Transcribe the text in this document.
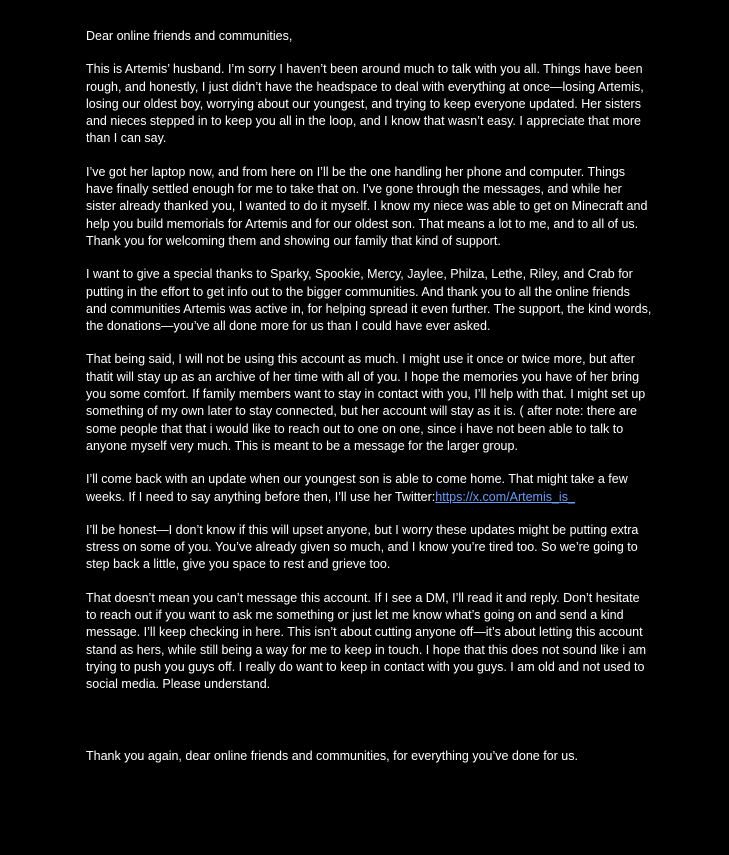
Dear online friends and communities,

This is Artemis’ husband. I’m sorry I haven’t been around much to talk with you all. Things have been rough, and honestly, I just didn’t have the headspace to deal with everything at once—losing Artemis, losing our oldest boy, worrying about our youngest, and trying to keep everyone updated. Her sisters and nieces stepped in to keep you all in the loop, and I know that wasn’t easy. I appreciate that more than I can say.

I’ve got her laptop now, and from here on I’ll be the one handling her phone and computer. Things have finally settled enough for me to take that on. I’ve gone through the messages, and while her sister already thanked you, I wanted to do it myself. I know my niece was able to get on Minecraft and help you build memorials for Artemis and for our oldest son. That means a lot to me, and to all of us. Thank you for welcoming them and showing our family that kind of support.

I want to give a special thanks to Sparky, Spookie, Mercy, Jaylee, Philza, Lethe, Riley, and Crab for putting in the effort to get info out to the bigger communities. And thank you to all the online friends and communities Artemis was active in, for helping spread it even further. The support, the kind words, the donations—you’ve all done more for us than I could have ever asked.

That being said, I will not be using this account as much. I might use it once or twice more, but after thatit will stay up as an archive of her time with all of you. I hope the memories you have of her bring you some comfort. If family members want to stay in contact with you, I’ll help with that. I might set up something of my own later to stay connected, but her account will stay as it is. ( after note: there are some people that that i would like to reach out to one on one, since i have not been able to talk to anyone myself very much. This is meant to be a message for the larger group.

I’ll come back with an update when our youngest son is able to come home. That might take a few weeks. If I need to say anything before then, I’ll use her Twitter:https://x.com/Artemis_is_

I’ll be honest—I don’t know if this will upset anyone, but I worry these updates might be putting extra stress on some of you. You’ve already given so much, and I know you’re tired too. So we’re going to step back a little, give you space to rest and grieve too.

That doesn’t mean you can’t message this account. If I see a DM, I’ll read it and reply. Don’t hesitate to reach out if you want to ask me something or just let me know what’s going on and send a kind message. I’ll keep checking in here. This isn’t about cutting anyone off—it’s about letting this account stand as hers, while still being a way for me to keep in touch. I hope that this does not sound like i am trying to push you guys off. I really do want to keep in contact with you guys. I am old and not used to social media. Please understand.

Thank you again, dear online friends and communities, for everything you’ve done for us.
